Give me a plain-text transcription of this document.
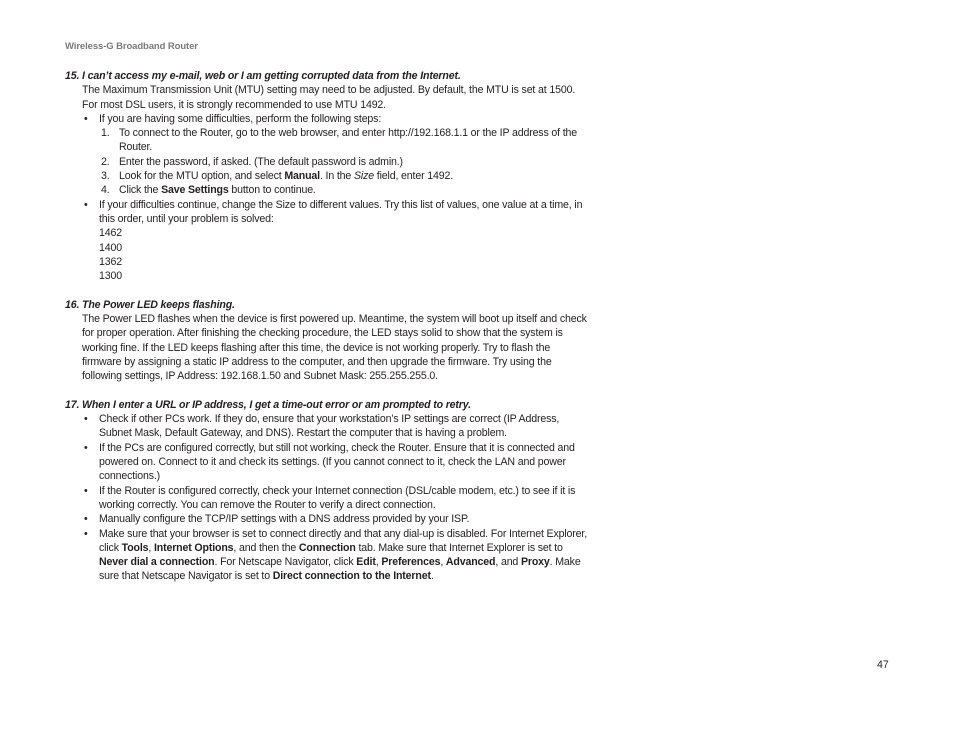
Wireless-G Broadband Router
15. I can’t access my e-mail, web or I am getting corrupted data from the Internet.
The Maximum Transmission Unit (MTU) setting may need to be adjusted. By default, the MTU is set at 1500. For most DSL users, it is strongly recommended to use MTU 1492.
• If you are having some difficulties, perform the following steps:
1. To connect to the Router, go to the web browser, and enter http://192.168.1.1 or the IP address of the Router.
2. Enter the password, if asked. (The default password is admin.)
3. Look for the MTU option, and select Manual. In the Size field, enter 1492.
4. Click the Save Settings button to continue.
• If your difficulties continue, change the Size to different values. Try this list of values, one value at a time, in this order, until your problem is solved:
1462
1400
1362
1300
16. The Power LED keeps flashing.
The Power LED flashes when the device is first powered up. Meantime, the system will boot up itself and check for proper operation. After finishing the checking procedure, the LED stays solid to show that the system is working fine. If the LED keeps flashing after this time, the device is not working properly. Try to flash the firmware by assigning a static IP address to the computer, and then upgrade the firmware. Try using the following settings, IP Address: 192.168.1.50 and Subnet Mask: 255.255.255.0.
17. When I enter a URL or IP address, I get a time-out error or am prompted to retry.
• Check if other PCs work. If they do, ensure that your workstation’s IP settings are correct (IP Address, Subnet Mask, Default Gateway, and DNS). Restart the computer that is having a problem.
• If the PCs are configured correctly, but still not working, check the Router. Ensure that it is connected and powered on. Connect to it and check its settings. (If you cannot connect to it, check the LAN and power connections.)
• If the Router is configured correctly, check your Internet connection (DSL/cable modem, etc.) to see if it is working correctly. You can remove the Router to verify a direct connection.
• Manually configure the TCP/IP settings with a DNS address provided by your ISP.
• Make sure that your browser is set to connect directly and that any dial-up is disabled. For Internet Explorer, click Tools, Internet Options, and then the Connection tab. Make sure that Internet Explorer is set to Never dial a connection. For Netscape Navigator, click Edit, Preferences, Advanced, and Proxy. Make sure that Netscape Navigator is set to Direct connection to the Internet.
47
